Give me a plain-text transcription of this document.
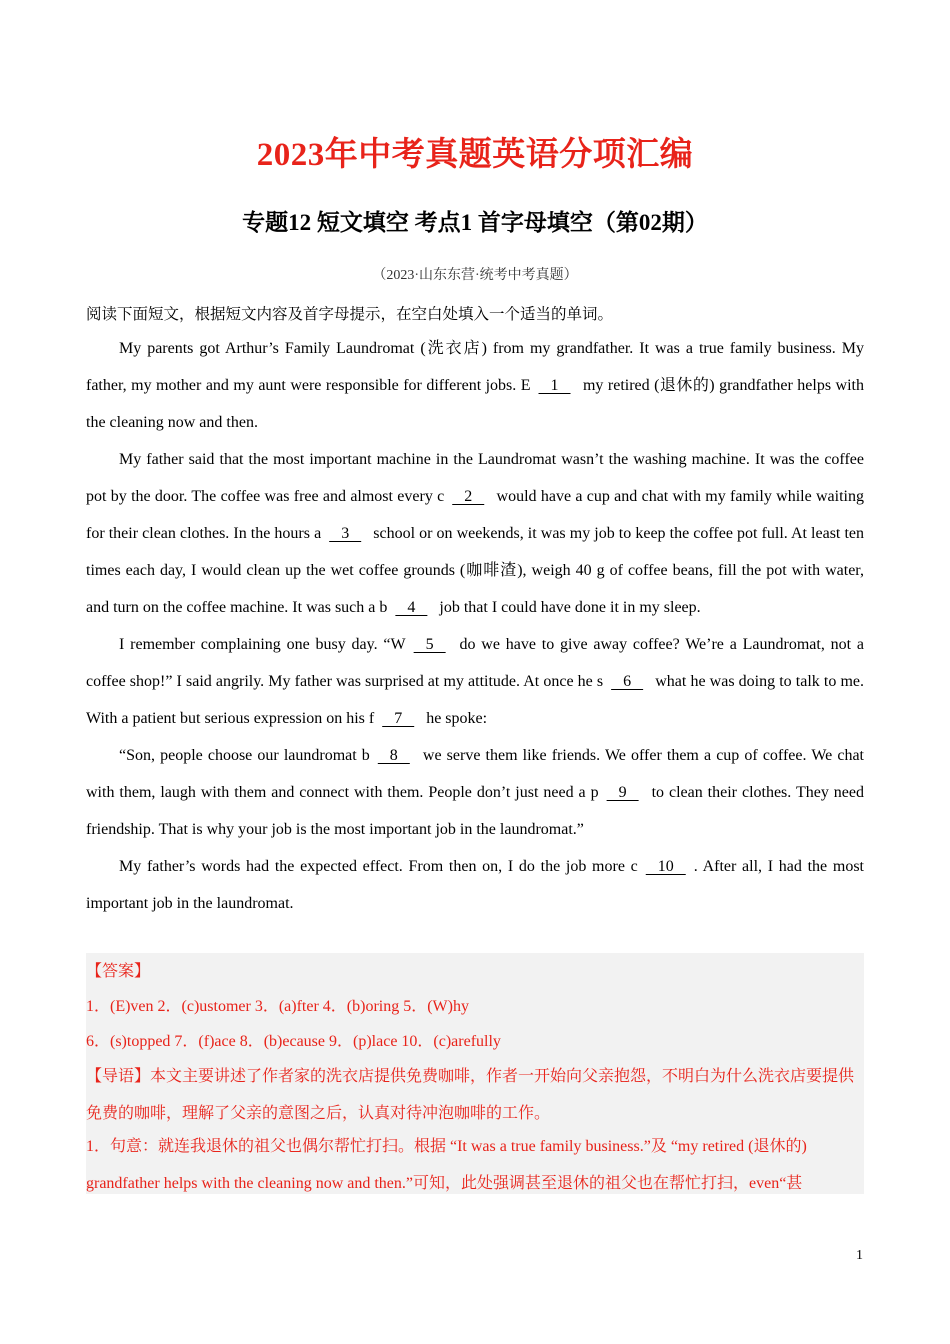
2023年中考真题英语分项汇编
专题12 短文填空 考点1 首字母填空（第02期）

（2023·山东东营·统考中考真题）

阅读下面短文，根据短文内容及首字母提示，在空白处填入一个适当的单词。

My parents got Arthur’s Family Laundromat (洗衣店) from my grandfather. It was a true family business. My father, my mother and my aunt were responsible for different jobs. E   1    my retired (退休的) grandfather helps with the cleaning now and then.

My father said that the most important machine in the Laundromat wasn’t the washing machine. It was the coffee pot by the door. The coffee was free and almost every c   2    would have a cup and chat with my family while waiting for their clean clothes. In the hours a   3    school or on weekends, it was my job to keep the coffee pot full. At least ten times each day, I would clean up the wet coffee grounds (咖啡渣), weigh 40 g of coffee beans, fill the pot with water, and turn on the coffee machine. It was such a b   4    job that I could have done it in my sleep.

I remember complaining one busy day. “W   5    do we have to give away coffee? We’re a Laundromat, not a coffee shop!” I said angrily. My father was surprised at my attitude. At once he s   6    what he was doing to talk to me. With a patient but serious expression on his f   7    he spoke:

“Son, people choose our laundromat b   8    we serve them like friends. We offer them a cup of coffee. We chat with them, laugh with them and connect with them. People don’t just need a p   9    to clean their clothes. They need friendship. That is why your job is the most important job in the laundromat.”

My father’s words had the expected effect. From then on, I do the job more c   10   . After all, I had the most important job in the laundromat.

【答案】
1．(E)ven 2．(c)ustomer 3．(a)fter 4．(b)oring 5．(W)hy
6．(s)topped 7．(f)ace 8．(b)ecause 9．(p)lace 10．(c)arefully
【导语】本文主要讲述了作者家的洗衣店提供免费咖啡，作者一开始向父亲抱怨，不明白为什么洗衣店要提供免费的咖啡，理解了父亲的意图之后，认真对待冲泡咖啡的工作。
1．句意：就连我退休的祖父也偶尔帮忙打扫。根据 “It was a true family business.”及 “my retired (退休的) grandfather helps with the cleaning now and then.”可知，此处强调甚至退休的祖父也在帮忙打扫，even“甚
1
